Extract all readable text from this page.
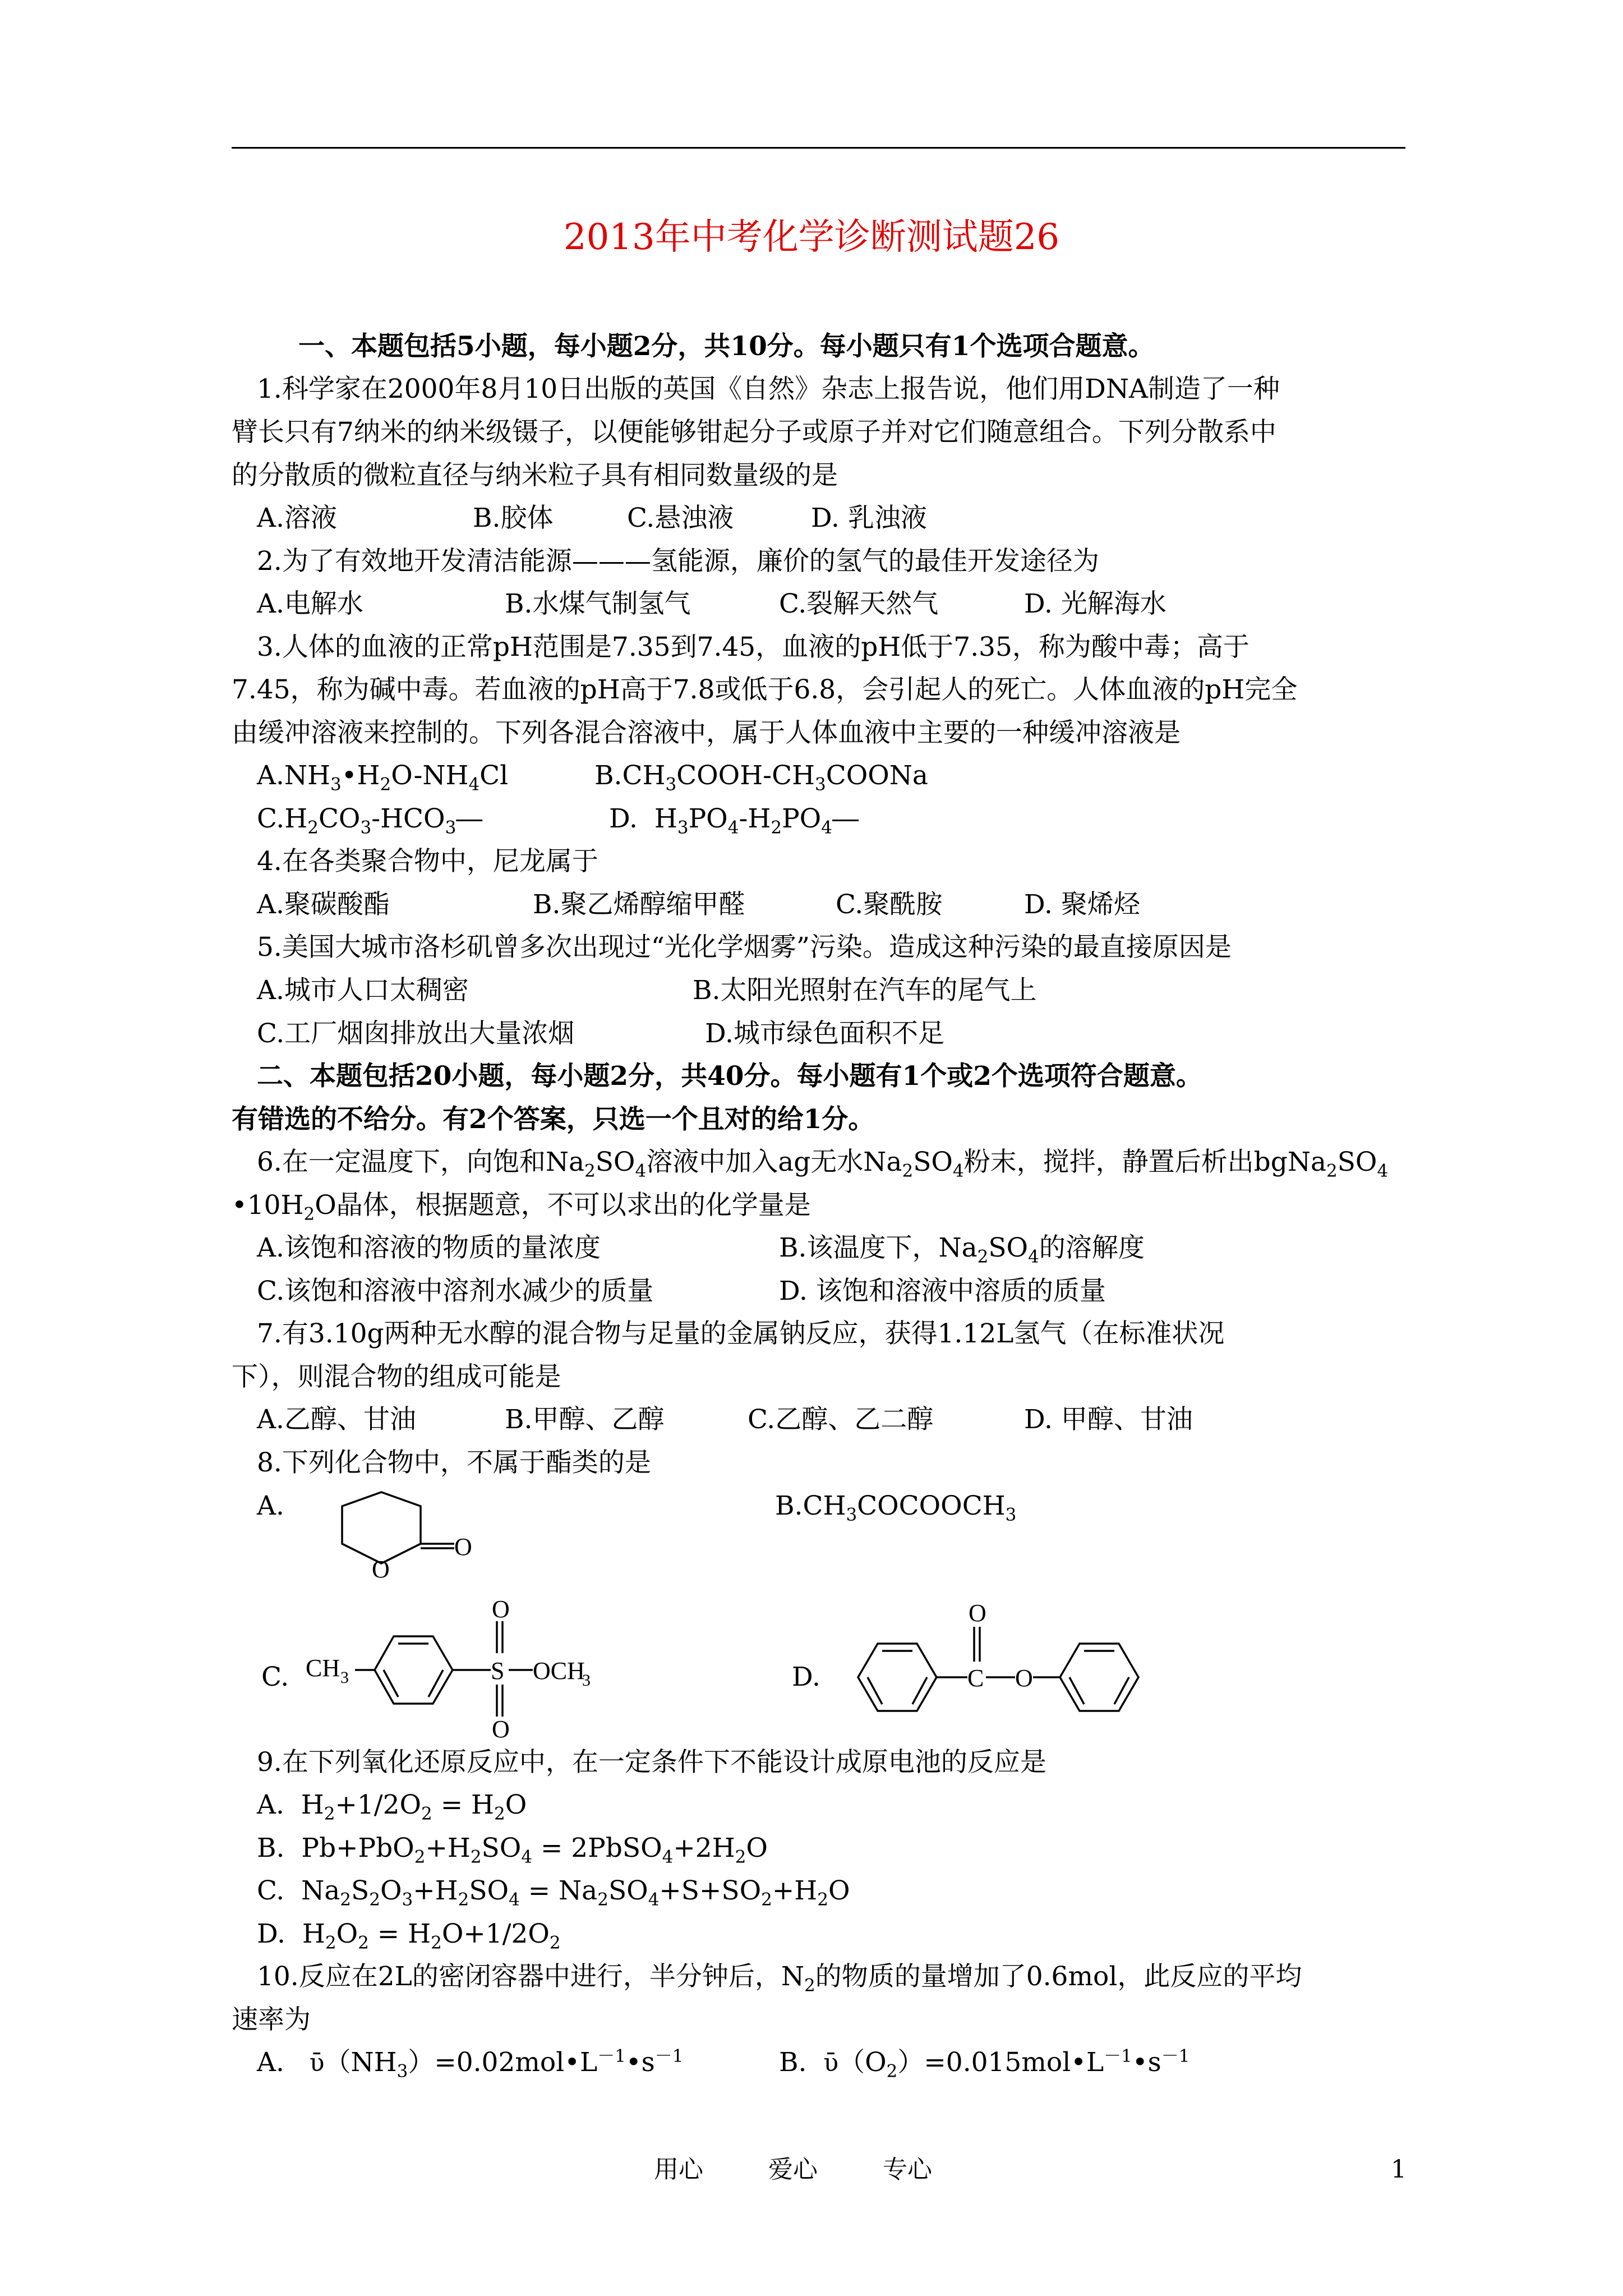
2013年中考化学诊断测试题26
一、本题包括5小题，每小题2分，共10分。每小题只有1个选项合题意。
1.科学家在2000年8月10日出版的英国《自然》杂志上报告说，他们用DNA制造了一种
臂长只有7纳米的纳米级镊子，以便能够钳起分子或原子并对它们随意组合。下列分散系中
的分散质的微粒直径与纳米粒子具有相同数量级的是
A.溶液	B.胶体	C.悬浊液	D. 乳浊液
2.为了有效地开发清洁能源———氢能源，廉价的氢气的最佳开发途径为
A.电解水	B.水煤气制氢气	C.裂解天然气	D. 光解海水
3.人体的血液的正常pH范围是7.35到7.45，血液的pH低于7.35，称为酸中毒；高于
7.45，称为碱中毒。若血液的pH高于7.8或低于6.8，会引起人的死亡。人体血液的pH完全
由缓冲溶液来控制的。下列各混合溶液中，属于人体血液中主要的一种缓冲溶液是
$A.NH_3•H_2O-NH_4Cl$	$B.CH_3COOH-CH_3COONa$
$C.H_2CO_3-HCO_3―$	D.  $H_3PO_4-H_2PO_4―$
4.在各类聚合物中，尼龙属于
A.聚碳酸酯	B.聚乙烯醇缩甲醛	C.聚酰胺	D. 聚烯烃
5.美国大城市洛杉矶曾多次出现过“光化学烟雾”污染。造成这种污染的最直接原因是
A.城市人口太稠密	B.太阳光照射在汽车的尾气上
C.工厂烟囱排放出大量浓烟	D.城市绿色面积不足
二、本题包括20小题，每小题2分，共40分。每小题有1个或2个选项符合题意。
有错选的不给分。有2个答案，只选一个且对的给1分。
6.在一定温度下，向饱和$Na_2SO_4$溶液中加入ag无水$Na_2SO_4$粉末，搅拌，静置后析出$bgNa_2SO_4$
$•10H_2O$晶体，根据题意，不可以求出的化学量是
A.该饱和溶液的物质的量浓度	B.该温度下，$Na_2SO_4$的溶解度
C.该饱和溶液中溶剂水减少的质量	D. 该饱和溶液中溶质的质量
7.有3.10g两种无水醇的混合物与足量的金属钠反应，获得1.12L氢气（在标准状况
下），则混合物的组成可能是
A.乙醇、甘油	B.甲醇、乙醇	C.乙醇、乙二醇	D. 甲醇、甘油
8.下列化合物中，不属于酯类的是
A.	$B.CH_3COCOOCH_3$
O
O
C. CH 3	S
O
O
OCH
3	D.	C
O
O
9.在下列氧化还原反应中，在一定条件下不能设计成原电池的反应是
A.  $H_2+1/2O_2 = H_2O$
B.  $Pb+PbO_2+H_2SO_4$ = $2PbSO_4+2H_2O$
C.  $Na_2S_2O_3+H_2SO_4 = Na_2SO_4+S+SO_2+H_2O$
D.  $H_2O_2 = H_2O+1/2O_2$
10.反应在2L的密闭容器中进行，半分钟后，$N_2$的物质的量增加了0.6mol，此反应的平均
速率为
A. $ῡ(NH_3)=0.02mol•L^{-1}•s^{-1}$	B. $ῡ(O_2)=0.015mol•L^{-1}•s^{-1}$
用心	爱心	专心	1
